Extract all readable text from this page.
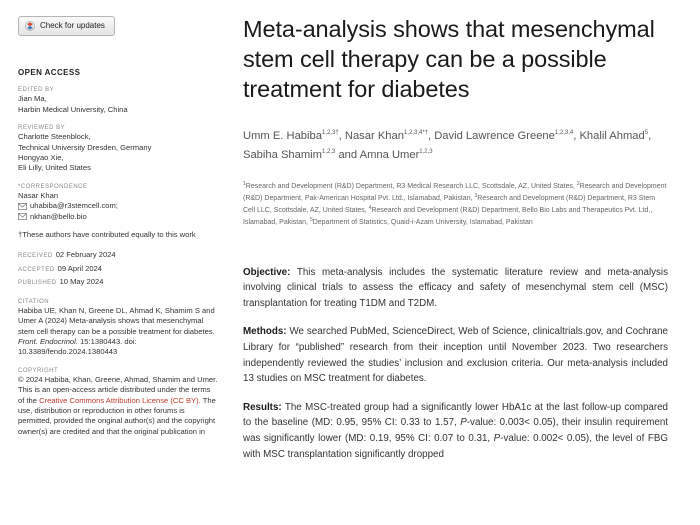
Check for updates
OPEN ACCESS
EDITED BY
Jian Ma,
Harbin Medical University, China
REVIEWED BY
Charlotte Steenblock,
Technical University Dresden, Germany
Hongyao Xie,
Eli Lilly, United States
*CORRESPONDENCE
Nasar Khan
uhabiba@r3stemcell.com;
nkhan@bello.bio
†These authors have contributed equally to this work
RECEIVED 02 February 2024
ACCEPTED 09 April 2024
PUBLISHED 10 May 2024
CITATION
Habiba UE, Khan N, Greene DL, Ahmad K, Shamim S and Umer A (2024) Meta-analysis shows that mesenchymal stem cell therapy can be a possible treatment for diabetes. Front. Endocrinol. 15:1380443. doi: 10.3389/fendo.2024.1380443
COPYRIGHT
© 2024 Habiba, Khan, Greene, Ahmad, Shamim and Umer. This is an open-access article distributed under the terms of the Creative Commons Attribution License (CC BY). The use, distribution or reproduction in other forums is permitted, provided the original author(s) and the copyright owner(s) are credited and that the original publication in
Meta-analysis shows that mesenchymal stem cell therapy can be a possible treatment for diabetes
Umm E. Habiba$^{1,2,3\dagger}$, Nasar Khan$^{1,2,3,4*\dagger}$, David Lawrence Greene$^{1,2,3,4}$, Khalil Ahmad$^5$, Sabiha Shamim$^{1,2,3}$ and Amna Umer$^{1,2,3}$
$^1$Research and Development (R&D) Department, R3 Medical Research LLC, Scottsdale, AZ, United States, $^2$Research and Development (R&D) Department, Pak-American Hospital Pvt. Ltd., Islamabad, Pakistan, $^3$Research and Development (R&D) Department, R3 Stem Cell LLC, Scottsdale, AZ, United States, $^4$Research and Development (R&D) Department, Bello Bio Labs and Therapeutics Pvt. Ltd., Islamabad, Pakistan, $^5$Department of Statistics, Quaid-i-Azam University, Islamabad, Pakistan

Objective: This meta-analysis includes the systematic literature review and meta-analysis involving clinical trials to assess the efficacy and safety of mesenchymal stem cell (MSC) transplantation for treating T1DM and T2DM.

Methods: We searched PubMed, ScienceDirect, Web of Science, clinicaltrials.gov, and Cochrane Library for “published” research from their inception until November 2023. Two researchers independently reviewed the studies’ inclusion and exclusion criteria. Our meta-analysis included 13 studies on MSC treatment for diabetes.

Results: The MSC-treated group had a significantly lower HbA1c at the last follow-up compared to the baseline (MD: 0.95, 95% CI: 0.33 to 1.57, P-value: 0.003< 0.05), their insulin requirement was significantly lower (MD: 0.19, 95% CI: 0.07 to 0.31, P-value: 0.002< 0.05), the level of FBG with MSC transplantation significantly dropped
